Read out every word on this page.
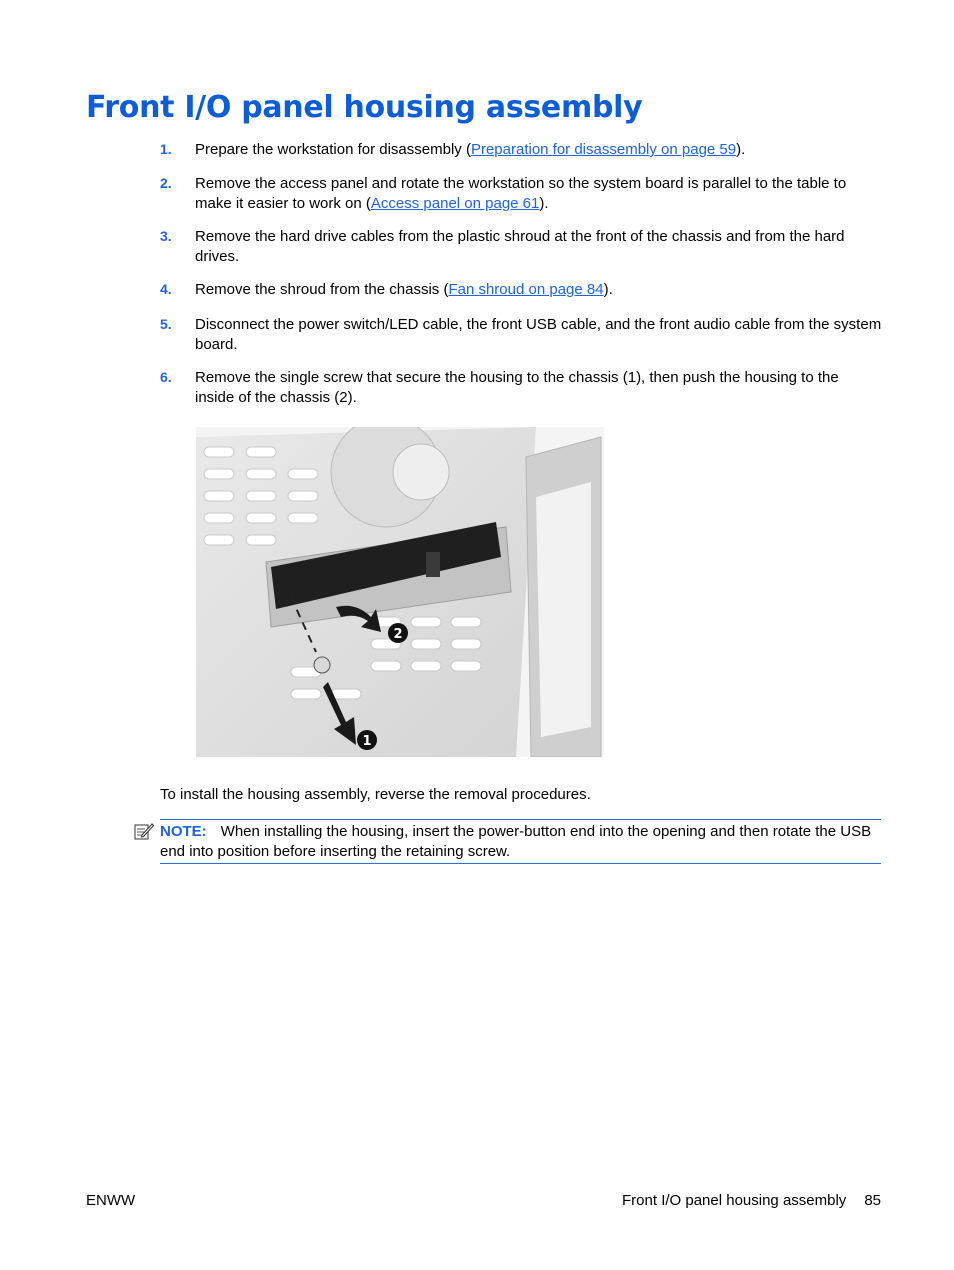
Front I/O panel housing assembly
1. Prepare the workstation for disassembly (Preparation for disassembly on page 59).
2. Remove the access panel and rotate the workstation so the system board is parallel to the table to make it easier to work on (Access panel on page 61).
3. Remove the hard drive cables from the plastic shroud at the front of the chassis and from the hard drives.
4. Remove the shroud from the chassis (Fan shroud on page 84).
5. Disconnect the power switch/LED cable, the front USB cable, and the front audio cable from the system board.
6. Remove the single screw that secure the housing to the chassis (1), then push the housing to the inside of the chassis (2).
2
1
To install the housing assembly, reverse the removal procedures.
NOTE: When installing the housing, insert the power-button end into the opening and then rotate the USB end into position before inserting the retaining screw.
ENWW	Front I/O panel housing assembly 85
